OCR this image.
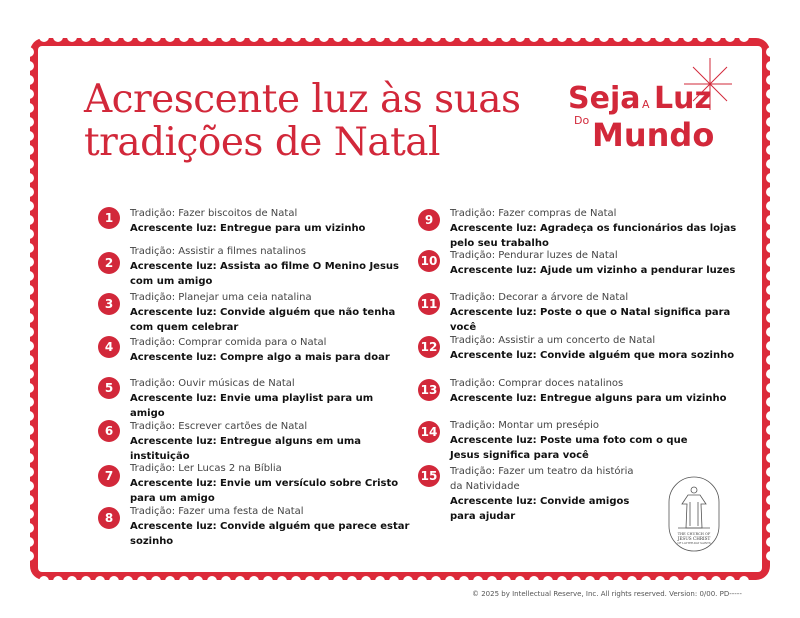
Acrescente luz às suas tradições de Natal
Seja A Luz
Do Mundo
1	Tradição: Fazer biscoitos de Natal
Acrescente luz: Entregue para um vizinho
2
Tradição: Assistir a filmes natalinos
Acrescente luz: Assista ao filme O Menino Jesus com um amigo
3	Tradição: Planejar uma ceia natalina
Acrescente luz: Convide alguém que não tenha com quem celebrar
4	Tradição: Comprar comida para o Natal
Acrescente luz: Compre algo a mais para doar
5	Tradição: Ouvir músicas de Natal
Acrescente luz: Envie uma playlist para um amigo
6	Tradição: Escrever cartões de Natal
Acrescente luz: Entregue alguns em uma instituição
7
Tradição: Ler Lucas 2 na Bíblia
Acrescente luz: Envie um versículo sobre Cristo para um amigo
8	Tradição: Fazer uma festa de Natal
Acrescente luz: Convide alguém que parece estar sozinho
9	Tradição: Fazer compras de Natal
Acrescente luz: Agradeça os funcionários das lojas pelo seu trabalho
10 Tradição: Pendurar luzes de Natal
Acrescente luz: Ajude um vizinho a pendurar luzes
11 Tradição: Decorar a árvore de Natal
Acrescente luz: Poste o que o Natal significa para você
12 Tradição: Assistir a um concerto de Natal
Acrescente luz: Convide alguém que mora sozinho
13 Tradição: Comprar doces natalinos
Acrescente luz: Entregue alguns para um vizinho
14 Tradição: Montar um presépio
Acrescente luz: Poste uma foto com o que Jesus significa para você
15 Tradição: Fazer um teatro da história da Natividade
Acrescente luz: Convide amigos para ajudar
THE CHURCH OF
JESUS CHRIST
OF LATTER-DAY SAINTS
© 2025 by Intellectual Reserve, Inc. All rights reserved. Version: 0/00. PD-----
